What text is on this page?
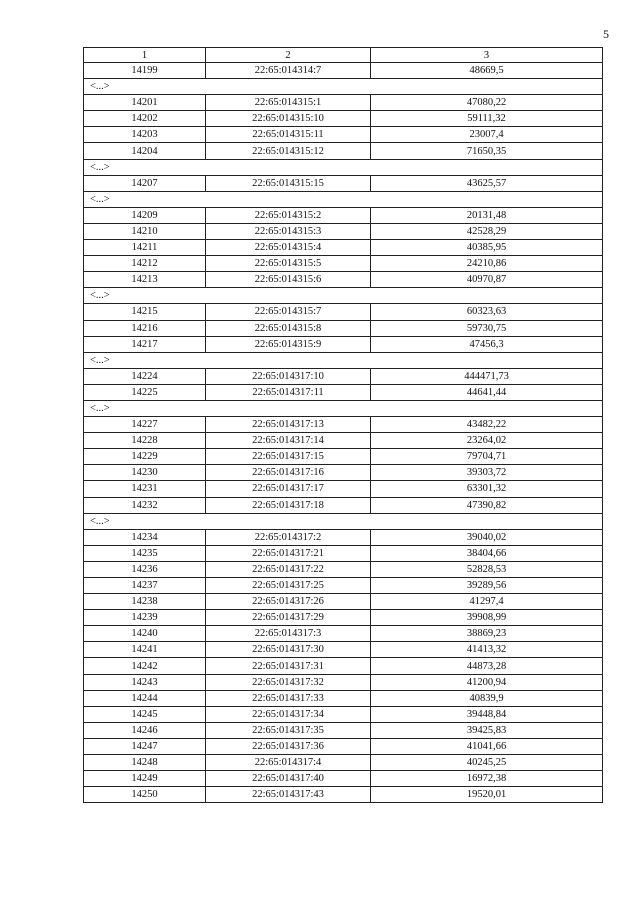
5
1	2	3
14199	22:65:014314:7	48669,5
<...>		
14201	22:65:014315:1	47080,22
14202	22:65:014315:10	59111,32
14203	22:65:014315:11	23007,4
14204	22:65:014315:12	71650,35
<...>		
14207	22:65:014315:15	43625,57
<...>		
14209	22:65:014315:2	20131,48
14210	22:65:014315:3	42528,29
14211	22:65:014315:4	40385,95
14212	22:65:014315:5	24210,86
14213	22:65:014315:6	40970,87
<...>		
14215	22:65:014315:7	60323,63
14216	22:65:014315:8	59730,75
14217	22:65:014315:9	47456,3
<...>		
14224	22:65:014317:10	444471,73
14225	22:65:014317:11	44641,44
<...>		
14227	22:65:014317:13	43482,22
14228	22:65:014317:14	23264,02
14229	22:65:014317:15	79704,71
14230	22:65:014317:16	39303,72
14231	22:65:014317:17	63301,32
14232	22:65:014317:18	47390,82
<...>		
14234	22:65:014317:2	39040,02
14235	22:65:014317:21	38404,66
14236	22:65:014317:22	52828,53
14237	22:65:014317:25	39289,56
14238	22:65:014317:26	41297,4
14239	22:65:014317:29	39908,99
14240	22:65:014317:3	38869,23
14241	22:65:014317:30	41413,32
14242	22:65:014317:31	44873,28
14243	22:65:014317:32	41200,94
14244	22:65:014317:33	40839,9
14245	22:65:014317:34	39448,84
14246	22:65:014317:35	39425,83
14247	22:65:014317:36	41041,66
14248	22:65:014317:4	40245,25
14249	22:65:014317:40	16972,38
14250	22:65:014317:43	19520,01
